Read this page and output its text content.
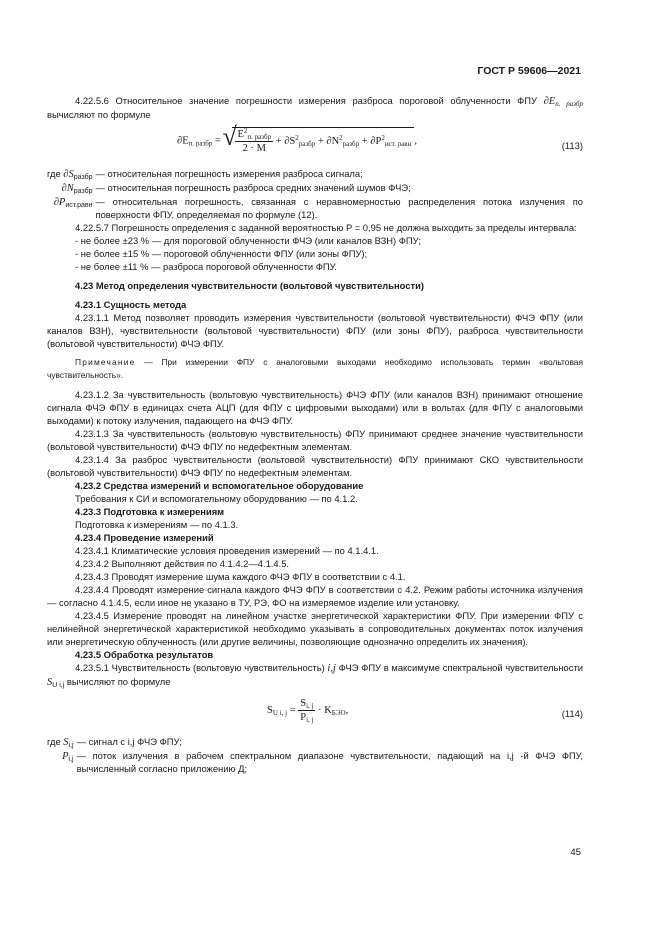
ГОСТ Р 59606—2021

4.22.5.6 Относительное значение погрешности измерения разброса пороговой облученности ФПУ $\partial E_{п. разбр}$ вычисляют по формуле

$\partial E_{п. разбр}$ = √ $\frac{E^2_{п. разбр}}{2 \cdot M} + \partial S^2_{разбр} + \partial N^2_{разбр} + \partial P^2_{ист. равн}$ ,	(113)
где $\partial S_{разбр}$	— относительная погрешность измерения разброса сигнала;
$\partial N_{разбр}$	— относительная погрешность разброса средних значений шумов ФЧЭ;
$\partial P_{ист.равн}$	— относительная погрешность, связанная с неравномерностью распределения потока излучения по поверхности ФПУ, определяемая по формуле (12).

4.22.5.7 Погрешность определения с заданной вероятностью P = 0,95 не должна выходить за пределы интервала:

- не более ±23 % — для пороговой облученности ФЧЭ (или каналов ВЗН) ФПУ;

- не более ±15 % — пороговой облученности ФПУ (или зоны ФПУ);

- не более ±11 % — разброса пороговой облученности ФПУ.

4.23 Метод определения чувствительности (вольтовой чувствительности)

4.23.1 Сущность метода

4.23.1.1 Метод позволяет проводить измерения чувствительности (вольтовой чувствительности) ФЧЭ ФПУ (или каналов ВЗН), чувствительности (вольтовой чувствительности) ФПУ (или зоны ФПУ), разброса чувствительности (вольтовой чувствительности) ФЧЭ ФПУ.

Примечание — При измерении ФПУ с аналоговыми выходами необходимо использовать термин «вольтовая чувствительность».

4.23.1.2 За чувствительность (вольтовую чувствительность) ФЧЭ ФПУ (или каналов ВЗН) принимают отношение сигнала ФЧЭ ФПУ в единицах счета АЦП (для ФПУ с цифровыми выходами) или в вольтах (для ФПУ с аналоговыми выходами) к потоку излучения, падающего на ФЧЭ ФПУ.

4.23.1.3 За чувствительность (вольтовую чувствительность) ФПУ принимают среднее значение чувствительности (вольтовой чувствительности) ФЧЭ ФПУ по недефектным элементам.

4.23.1.4 За разброс чувствительности (вольтовой чувствительности) ФПУ принимают СКО чувствительности (вольтовой чувствительности) ФЧЭ ФПУ по недефектным элементам.

4.23.2 Средства измерений и вспомогательное оборудование

Требования к СИ и вспомогательному оборудованию — по 4.1.2.

4.23.3 Подготовка к измерениям

Подготовка к измерениям — по 4.1.3.

4.23.4 Проведение измерений

4.23.4.1 Климатические условия проведения измерений — по 4.1.4.1.

4.23.4.2 Выполняют действия по 4.1.4.2—4.1.4.5.

4.23.4.3 Проводят измерение шума каждого ФЧЭ ФПУ в соответствии с 4.1.

4.23.4.4 Проводят измерение сигнала каждого ФЧЭ ФПУ в соответствии с 4.2. Режим работы источника излучения — согласно 4.1.4.5, если иное не указано в ТУ, РЭ, ФО на измеряемое изделие или установку.

4.23.4.5 Измерение проводят на линейном участке энергетической характеристики ФПУ. При измерении ФПУ с нелинейной энергетической характеристикой необходимо указывать в сопроводительных документах поток излучения или энергетическую облученность (или другие величины, позволяющие однозначно определить их значения).

4.23.5 Обработка результатов

4.23.5.1 Чувствительность (вольтовую чувствительность) i,j ФЧЭ ФПУ в максимуме спектральной чувствительности $S_{U i,j}$ вычисляют по формуле

$S_{U i, j} = \frac{S_{i, j}}{P_{i, j}} \cdot K_{БЭО}$,	(114)
где $S_{i,j}$	— сигнал с i,j ФЧЭ ФПУ;
$P_{i,j}$	— поток излучения в рабочем спектральном диапазоне чувствительности, падающий на i,j -й ФЧЭ ФПУ, вычисленный согласно приложению Д;
45
